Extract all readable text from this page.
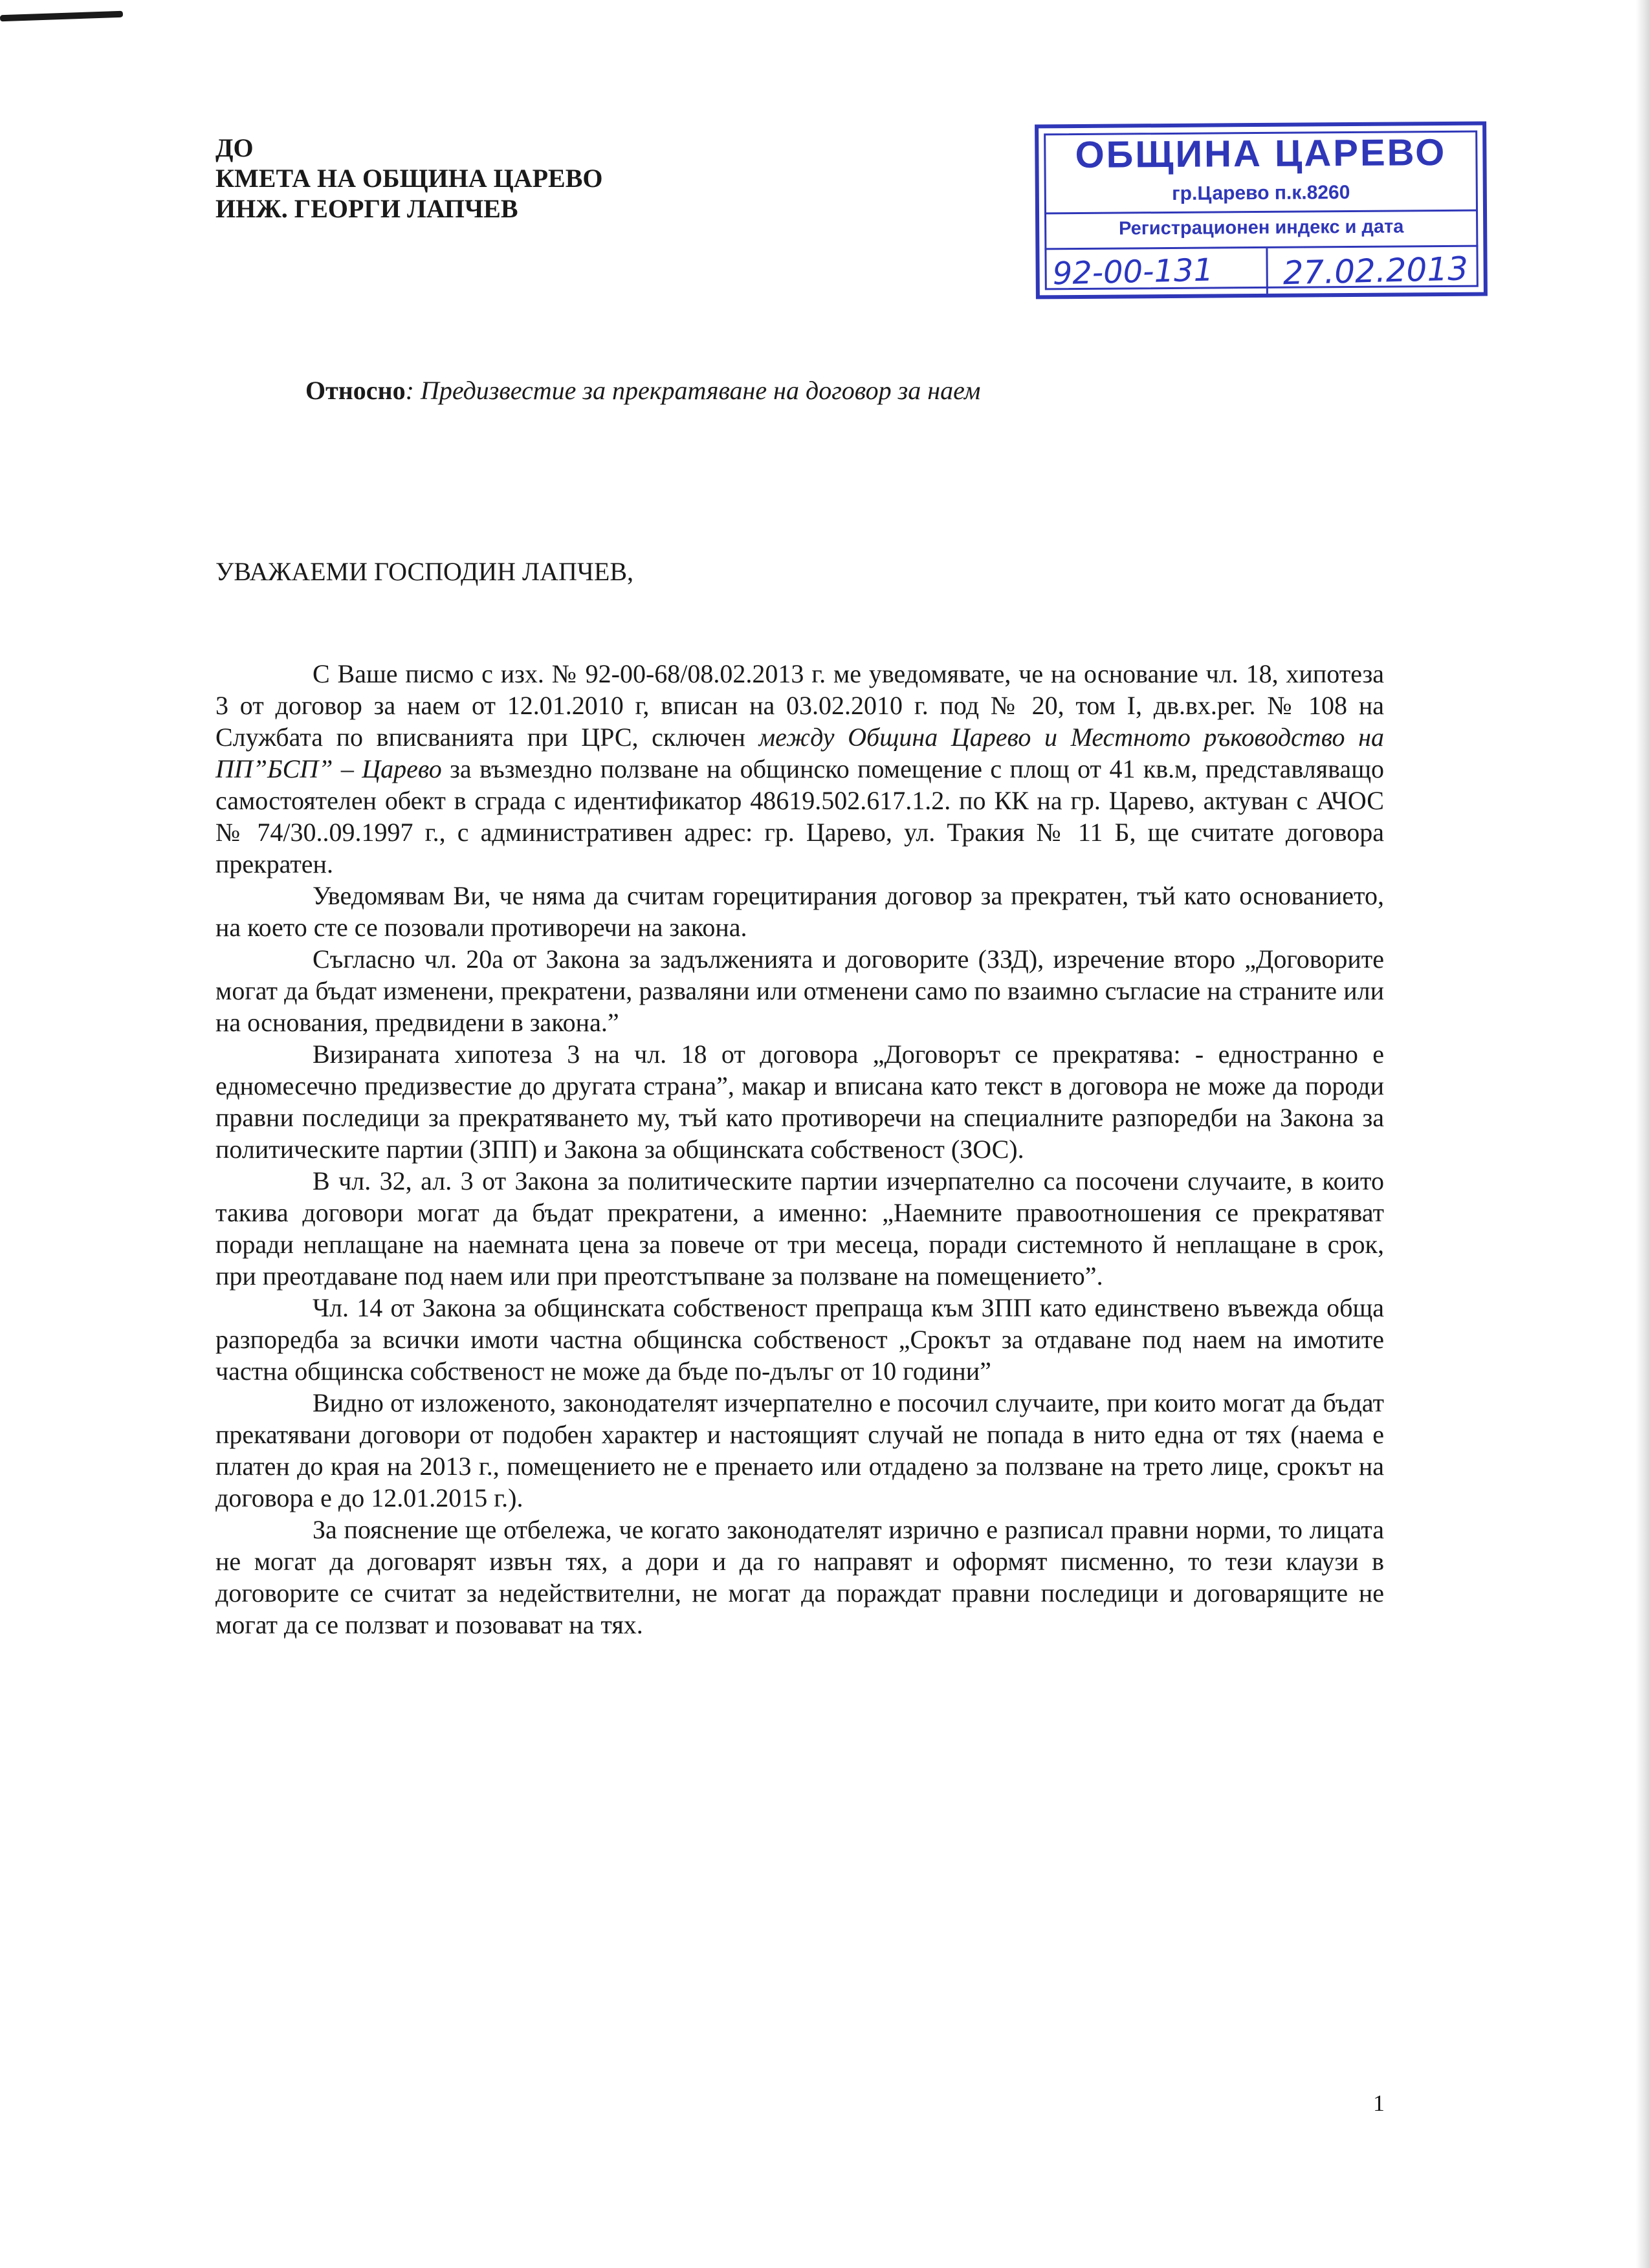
ДО
КМЕТА НА ОБЩИНА ЦАРЕВО
ИНЖ. ГЕОРГИ ЛАПЧЕВ
ОБЩИНА ЦАРЕВО
гр.Царево п.к.8260
Регистрационен индекс и дата
92-00-131 27.02.2013
Относно: Предизвестие за прекратяване на договор за наем
УВАЖАЕМИ ГОСПОДИН ЛАПЧЕВ,

С Ваше писмо с изх. № 92-00-68/08.02.2013 г. ме уведомявате, че на основание чл. 18, хипотеза 3 от договор за наем от 12.01.2010 г, вписан на 03.02.2010 г. под № 20, том I, дв.вх.рег. № 108 на Службата по вписванията при ЦРС, сключен между Община Царево и Местното ръководство на ПП”БСП” – Царево за възмездно ползване на общинско помещение с площ от 41 кв.м, представляващо самостоятелен обект в сграда с идентификатор 48619.502.617.1.2. по КК на гр. Царево, актуван с АЧОС № 74/30..09.1997 г., с административен адрес: гр. Царево, ул. Тракия № 11 Б, ще считате договора прекратен.

Уведомявам Ви, че няма да считам горецитирания договор за прекратен, тъй като основанието, на което сте се позовали противоречи на закона.

Съгласно чл. 20а от Закона за задълженията и договорите (ЗЗД), изречение второ „Договорите могат да бъдат изменени, прекратени, разваляни или отменени само по взаимно съгласие на страните или на основания, предвидени в закона.”

Визираната хипотеза 3 на чл. 18 от договора „Договорът се прекратява: - едностранно е едномесечно предизвестие до другата страна”, макар и вписана като текст в договора не може да породи правни последици за прекратяването му, тъй като противоречи на специалните разпоредби на Закона за политическите партии (ЗПП) и Закона за общинската собственост (ЗОС).

В чл. 32, ал. 3 от Закона за политическите партии изчерпателно са посочени случаите, в които такива договори могат да бъдат прекратени, а именно: „Наемните правоотношения се прекратяват поради неплащане на наемната цена за повече от три месеца, поради системното й неплащане в срок, при преотдаване под наем или при преотстъпване за ползване на помещението”.

Чл. 14 от Закона за общинската собственост препраща към ЗПП като единствено въвежда обща разпоредба за всички имоти частна общинска собственост „Срокът за отдаване под наем на имотите частна общинска собственост не може да бъде по-дълъг от 10 години”

Видно от изложеното, законодателят изчерпателно е посочил случаите, при които могат да бъдат прекатявани договори от подобен характер и настоящият случай не попада в нито една от тях (наема е платен до края на 2013 г., помещението не е пренаето или отдадено за ползване на трето лице, срокът на договора е до 12.01.2015 г.).

За пояснение ще отбележа, че когато законодателят изрично е разписал правни норми, то лицата не могат да договарят извън тях, а дори и да го направят и оформят писменно, то тези клаузи в договорите се считат за недействителни, не могат да пораждат правни последици и договарящите не могат да се ползват и позовават на тях.

1
